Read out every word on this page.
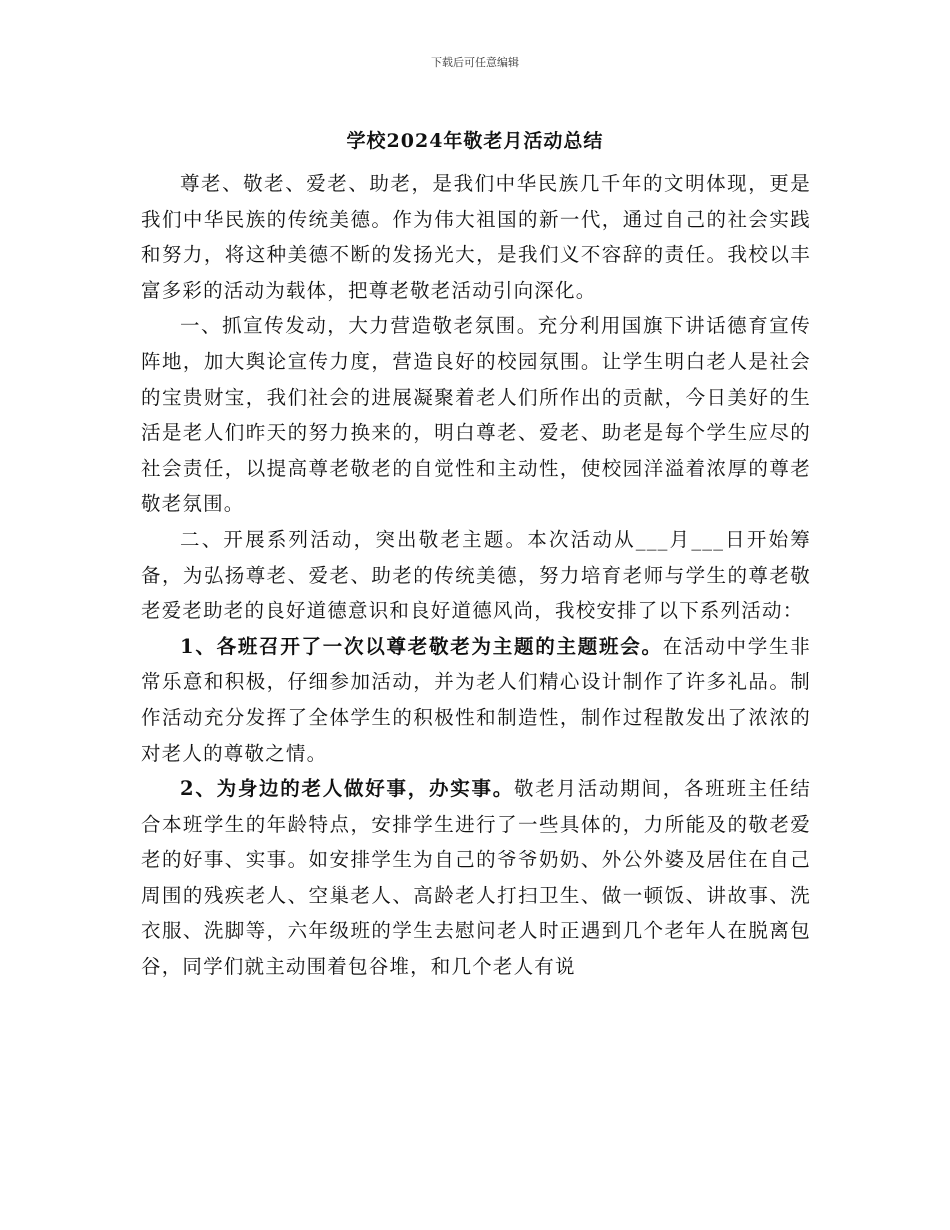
下载后可任意编辑
学校2024年敬老月活动总结

尊老、敬老、爱老、助老，是我们中华民族几千年的文明体现，更是我们中华民族的传统美德。作为伟大祖国的新一代，通过自己的社会实践和努力，将这种美德不断的发扬光大，是我们义不容辞的责任。我校以丰富多彩的活动为载体，把尊老敬老活动引向深化。

一、抓宣传发动，大力营造敬老氛围。充分利用国旗下讲话德育宣传阵地，加大舆论宣传力度，营造良好的校园氛围。让学生明白老人是社会的宝贵财宝，我们社会的进展凝聚着老人们所作出的贡献，今日美好的生活是老人们昨天的努力换来的，明白尊老、爱老、助老是每个学生应尽的社会责任，以提高尊老敬老的自觉性和主动性，使校园洋溢着浓厚的尊老敬老氛围。

二、开展系列活动，突出敬老主题。本次活动从___月___日开始筹备，为弘扬尊老、爱老、助老的传统美德，努力培育老师与学生的尊老敬老爱老助老的良好道德意识和良好道德风尚，我校安排了以下系列活动：

1、各班召开了一次以尊老敬老为主题的主题班会。在活动中学生非常乐意和积极，仔细参加活动，并为老人们精心设计制作了许多礼品。制作活动充分发挥了全体学生的积极性和制造性，制作过程散发出了浓浓的对老人的尊敬之情。

2、为身边的老人做好事，办实事。敬老月活动期间，各班班主任结合本班学生的年龄特点，安排学生进行了一些具体的，力所能及的敬老爱老的好事、实事。如安排学生为自己的爷爷奶奶、外公外婆及居住在自己周围的残疾老人、空巢老人、高龄老人打扫卫生、做一顿饭、讲故事、洗衣服、洗脚等，六年级班的学生去慰问老人时正遇到几个老年人在脱离包谷，同学们就主动围着包谷堆，和几个老人有说
